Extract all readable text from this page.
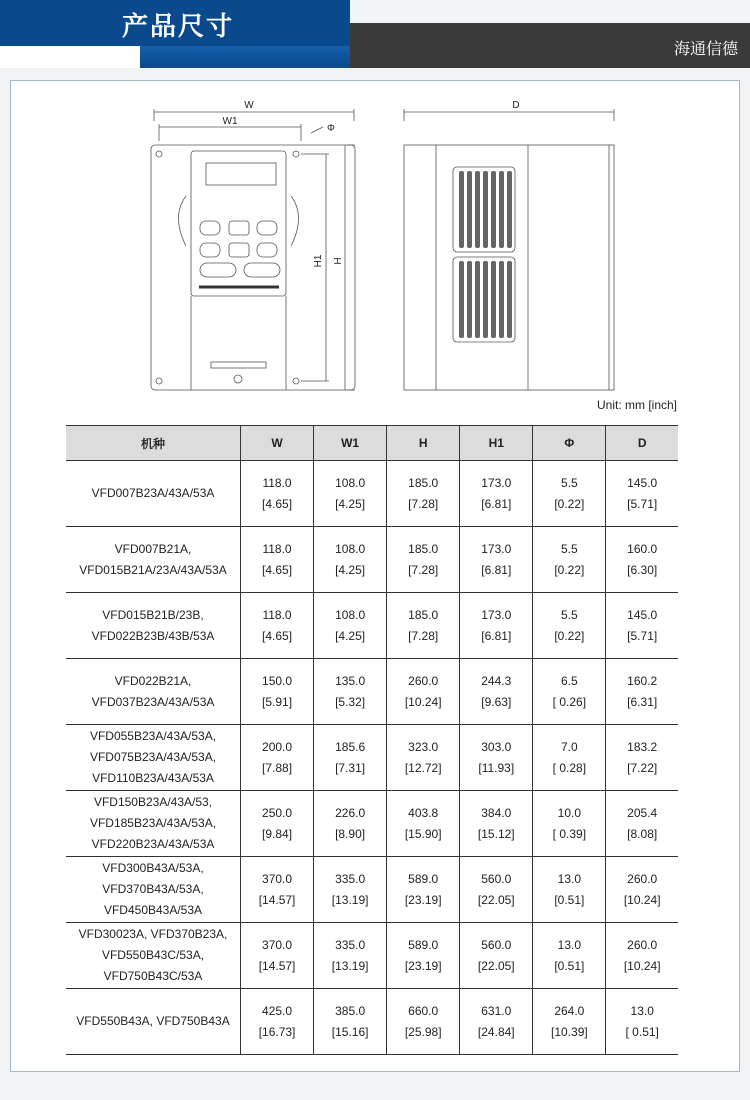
产品尺寸
海通信德
W
W1
Φ
H1 H
D
Unit: mm [inch]
机种	W	W1	H	H1	Φ	D

VFD007B23A/43A/53A	118.0
[4.65]	108.0
[4.25]	185.0
[7.28]	173.0
[6.81]	5.5
[0.22]	145.0
[5.71]

VFD007B21A,
VFD015B21A/23A/43A/53A	118.0
[4.65]	108.0
[4.25]	185.0
[7.28]	173.0
[6.81]	5.5
[0.22]	160.0
[6.30]

VFD015B21B/23B,
VFD022B23B/43B/53A	118.0
[4.65]	108.0
[4.25]	185.0
[7.28]	173.0
[6.81]	5.5
[0.22]	145.0
[5.71]

VFD022B21A,
VFD037B23A/43A/53A	150.0
[5.91]	135.0
[5.32]	260.0
[10.24]	244.3
[9.63]	6.5
[ 0.26]	160.2
[6.31]

VFD055B23A/43A/53A,
VFD075B23A/43A/53A,
VFD110B23A/43A/53A	200.0
[7.88]	185.6
[7.31]	323.0
[12.72]	303.0
[11.93]	7.0
[ 0.28]	183.2
[7.22]

VFD150B23A/43A/53,
VFD185B23A/43A/53A,
VFD220B23A/43A/53A	250.0
[9.84]	226.0
[8.90]	403.8
[15.90]	384.0
[15.12]	10.0
[ 0.39]	205.4
[8.08]

VFD300B43A/53A,
VFD370B43A/53A,
VFD450B43A/53A	370.0
[14.57]	335.0
[13.19]	589.0
[23.19]	560.0
[22.05]	13.0
[0.51]	260.0
[10.24]

VFD30023A, VFD370B23A,
VFD550B43C/53A,
VFD750B43C/53A	370.0
[14.57]	335.0
[13.19]	589.0
[23.19]	560.0
[22.05]	13.0
[0.51]	260.0
[10.24]

VFD550B43A, VFD750B43A	425.0
[16.73]	385.0
[15.16]	660.0
[25.98]	631.0
[24.84]	264.0
[10.39]	13.0
[ 0.51]
